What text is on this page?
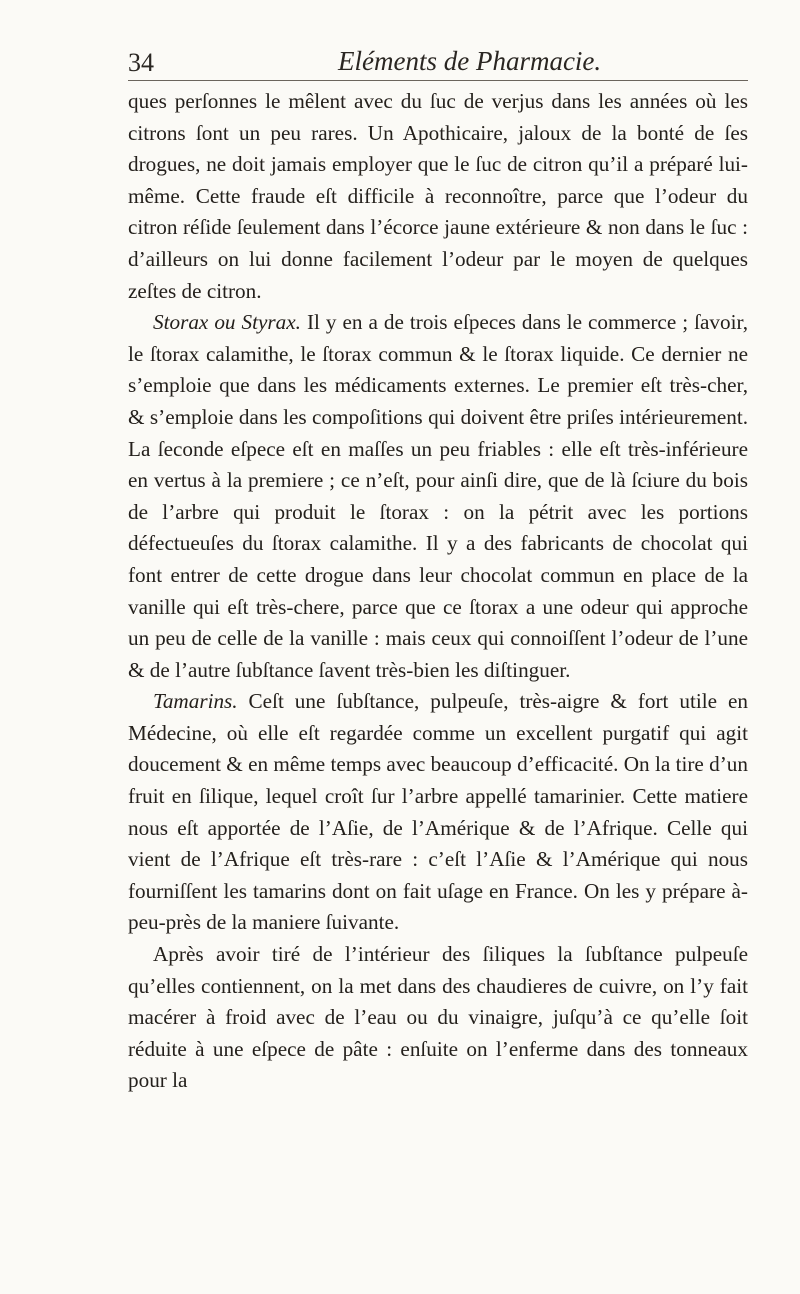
34	Eléments de Pharmacie.

ques perſonnes le mêlent avec du ſuc de verjus dans les années où les citrons ſont un peu rares. Un Apothicaire, jaloux de la bonté de ſes drogues, ne doit jamais employer que le ſuc de citron qu’il a préparé lui-même. Cette fraude eſt difficile à reconnoître, parce que l’odeur du citron réſide ſeulement dans l’écorce jaune extérieure & non dans le ſuc : d’ailleurs on lui donne facilement l’odeur par le moyen de quelques zeſtes de citron.

Storax ou Styrax. Il y en a de trois eſpeces dans le commerce ; ſavoir, le ſtorax calamithe, le ſtorax commun & le ſtorax liquide. Ce dernier ne s’emploie que dans les médicaments externes. Le premier eſt très-cher, & s’emploie dans les compoſitions qui doivent être priſes intérieurement. La ſeconde eſpece eſt en maſſes un peu friables : elle eſt très-inférieure en vertus à la premiere ; ce n’eſt, pour ainſi dire, que de là ſciure du bois de l’arbre qui produit le ſtorax : on la pétrit avec les portions défectueuſes du ſtorax calamithe. Il y a des fabricants de chocolat qui font entrer de cette drogue dans leur chocolat commun en place de la vanille qui eſt très-chere, parce que ce ſtorax a une odeur qui approche un peu de celle de la vanille : mais ceux qui connoiſſent l’odeur de l’une & de l’autre ſubſtance ſavent très-bien les diſtinguer.

Tamarins. Ceſt une ſubſtance, pulpeuſe, très-aigre & fort utile en Médecine, où elle eſt regardée comme un excellent purgatif qui agit doucement & en même temps avec beaucoup d’efficacité. On la tire d’un fruit en ſilique, lequel croît ſur l’arbre appellé tamarinier. Cette matiere nous eſt apportée de l’Aſie, de l’Amérique & de l’Afrique. Celle qui vient de l’Afrique eſt très-rare : c’eſt l’Aſie & l’Amérique qui nous fourniſſent les tamarins dont on fait uſage en France. On les y prépare à-peu-près de la maniere ſuivante.

Après avoir tiré de l’intérieur des ſiliques la ſubſtance pulpeuſe qu’elles contiennent, on la met dans des chaudieres de cuivre, on l’y fait macérer à froid avec de l’eau ou du vinaigre, juſqu’à ce qu’elle ſoit réduite à une eſpece de pâte : enſuite on l’enferme dans des tonneaux pour la
